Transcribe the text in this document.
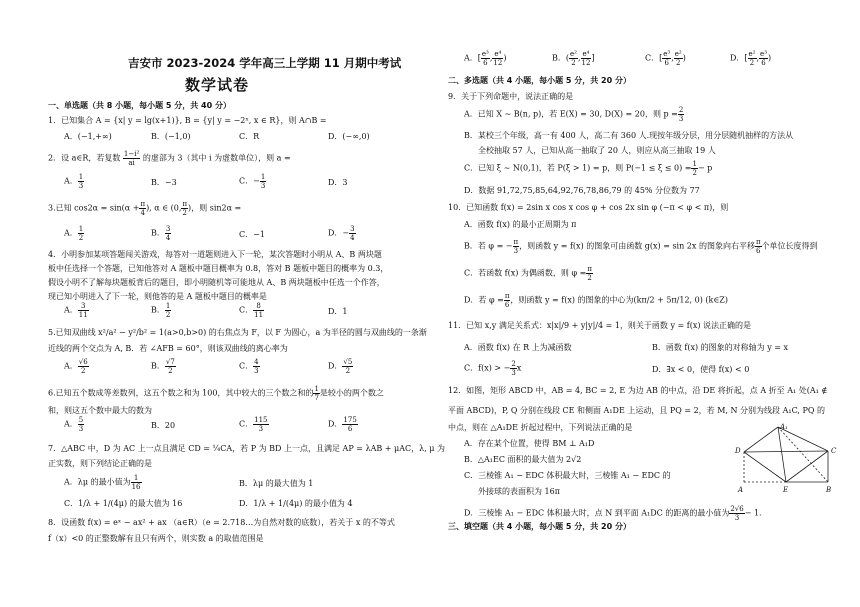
吉安市 2023-2024 学年高三上学期 11 月期中考试
数学试卷
一、单选题（共 8 小题，每小题 5 分，共 40 分）
1．已知集合 A = {x| y = lg(x+1)}, B = {y| y = −2ˣ, x ∈ R}，则 A∩B =
A．(−1,+∞)	B．(−1,0)	C．R	D．(−∞,0)
2．设 a∈R，若复数 $\frac{\text{1−i²}}{ai}$ 的虚部为 3（其中 i 为虚数单位），则 a =
A． $\frac{1}{3}$	B．−3	C．− $\frac{1}{3}$	D．3
3.已知 $\cos 2\alpha = \sin(\alpha + \frac{\pi}{4}$ ), α ∈ (0, $\frac{\pi}{2}$ )，则 sin2α =
A． $\frac{1}{2}$	B． $\frac{3}{4}$	C．−1	D．− $\frac{3}{4}$
4．小明参加某项答题闯关游戏，每答对一道题则进入下一轮，某次答题时小明从 A、B 两块题
板中任选择一个答题，已知他答对 A 题板中题目概率为 0.8，答对 B 题板中题目的概率为 0.3，
假设小明不了解每块题板背后的题目，即小明随机等可能地从 A、B 两块题板中任选一个作答，
现已知小明进入了下一轮，则他答的是 A 题板中题目的概率是
A． $\frac{3}{11}$	B． $\frac{1}{2}$	C． $\frac{8}{11}$	D．1
5.已知双曲线 x²/a² − y²/b² = 1(a>0,b>0) 的右焦点为 F，以 F 为圆心，a 为半径的圆与双曲线的一条渐
近线的两个交点为 A, B．若 ∠AFB = 60°，则该双曲线的离心率为
A． $\frac{√6}{2}$	B． $\frac{√7}{2}$	C． $\frac{4}{3}$	D． $\frac{√5}{2}$
6.已知五个数成等差数列，这五个数之和为 100，其中较大的三个数之和的 $\frac{1}{7}$ 是较小的两个数之
和，则这五个数中最大的数为
A． $\frac{5}{3}$	B．20	C． $\frac{115}{3}$	D． $\frac{175}{6}$
7．△ABC 中，D 为 AC 上一点且满足 CD = ¼CA，若 P 为 BD 上一点，且满足 AP = λAB + μAC，λ, μ 为
正实数，则下列结论正确的是
A．λμ 的最小值为 $\frac{1}{16}$	B．λμ 的最大值为 1
C．1/λ + 1/(4μ) 的最大值为 16	D．1/λ + 1/(4μ) 的最小值为 4
8．设函数 f(x) = eˣ − ax² + ax （a∈R）（e = 2.718…为自然对数的底数），若关于 x 的不等式
f（x）<0 的正整数解有且只有两个，则实数 a 的取值范围是
A．[ $\frac{\text{e³}}{6}$ , $\frac{\text{e⁴}}{12}$ )	B．( $\frac{\text{e²}}{2}$ , $\frac{\text{e⁴}}{12}$ ]	C．[ $\frac{\text{e³}}{6}$ , $\frac{\text{e²}}{2}$ )	D．[ $\frac{\text{e²}}{2}$ , $\frac{\text{e³}}{6}$ )
二、多选题（共 4 小题，每小题 5 分，共 20 分）
9．关于下列命题中，说法正确的是
A．已知 X ~ B(n, p)，若 E(X) = 30, D(X) = 20，则 $p = \frac{2}{3}$
B．某校三个年级，高一有 400 人，高二有 360 人.现按年级分层，用分层随机抽样的方法从
全校抽取 57 人，已知从高一抽取了 20 人，则应从高三抽取 19 人
C．已知 ξ ~ N(0,1)，若 P(ξ > 1) = p，则 $P(-1 \le \xi \le 0) = \frac{1}{2} - p$
D．数据 91,72,75,85,64,92,76,78,86,79 的 45% 分位数为 77
10．已知函数 f(x) = 2sin x cos x cos φ + cos 2x sin φ (−π < φ < π)，则
A．函数 f(x) 的最小正周期为 π
B．若 φ = − $\frac{\pi}{3}$ ，则函数 y = f(x) 的图象可由函数 g(x) = sin 2x 的图象向右平移 $\frac{\pi}{6}$ 个单位长度得到
C．若函数 f(x) 为偶函数，则 $\varphi = \frac{\pi}{2}$
D．若 $\varphi = \frac{\pi}{6}$ ，则函数 y = f(x) 的图象的中心为(kπ/2 + 5π/12, 0) (k∈Z)
11．已知 x,y 满足关系式：x|x|/9 + y|y|/4 = 1，则关于函数 y = f(x) 说法正确的是
A．函数 f(x) 在 R 上为减函数	B．函数 f(x) 的图象的对称轴为 y = x
C．f(x) > − $\frac{2}{3}$ x	D．∃x < 0，使得 f(x) < 0
12．如图，矩形 ABCD 中，AB = 4, BC = 2, E 为边 AB 的中点，沿 DE 将折起，点 A 折至 A₁ 处(A₁ ∉
平面 ABCD)，P, Q 分别在线段 CE 和侧面 A₁DE 上运动，且 PQ = 2，若 M, N 分别为线段 A₁C, PQ 的
中点，则在 △A₁DE 折起过程中，下列说法正确的是
A．存在某个位置，使得 BM ⊥ A₁D
B．△A₁EC 面积的最大值为 2√2
C．三棱锥 A₁ − EDC 体积最大时，三棱锥 A₁ − EDC 的
外接球的表面积为 16π
D．三棱锥 A₁ − EDC 体积最大时，点 N 到平面 A₁DC 的距离的最小值为 $\frac{2√6}{3} - 1$.
A₁
D	C
A	E	B
三、填空题（共 4 小题，每小题 5 分，共 20 分）
